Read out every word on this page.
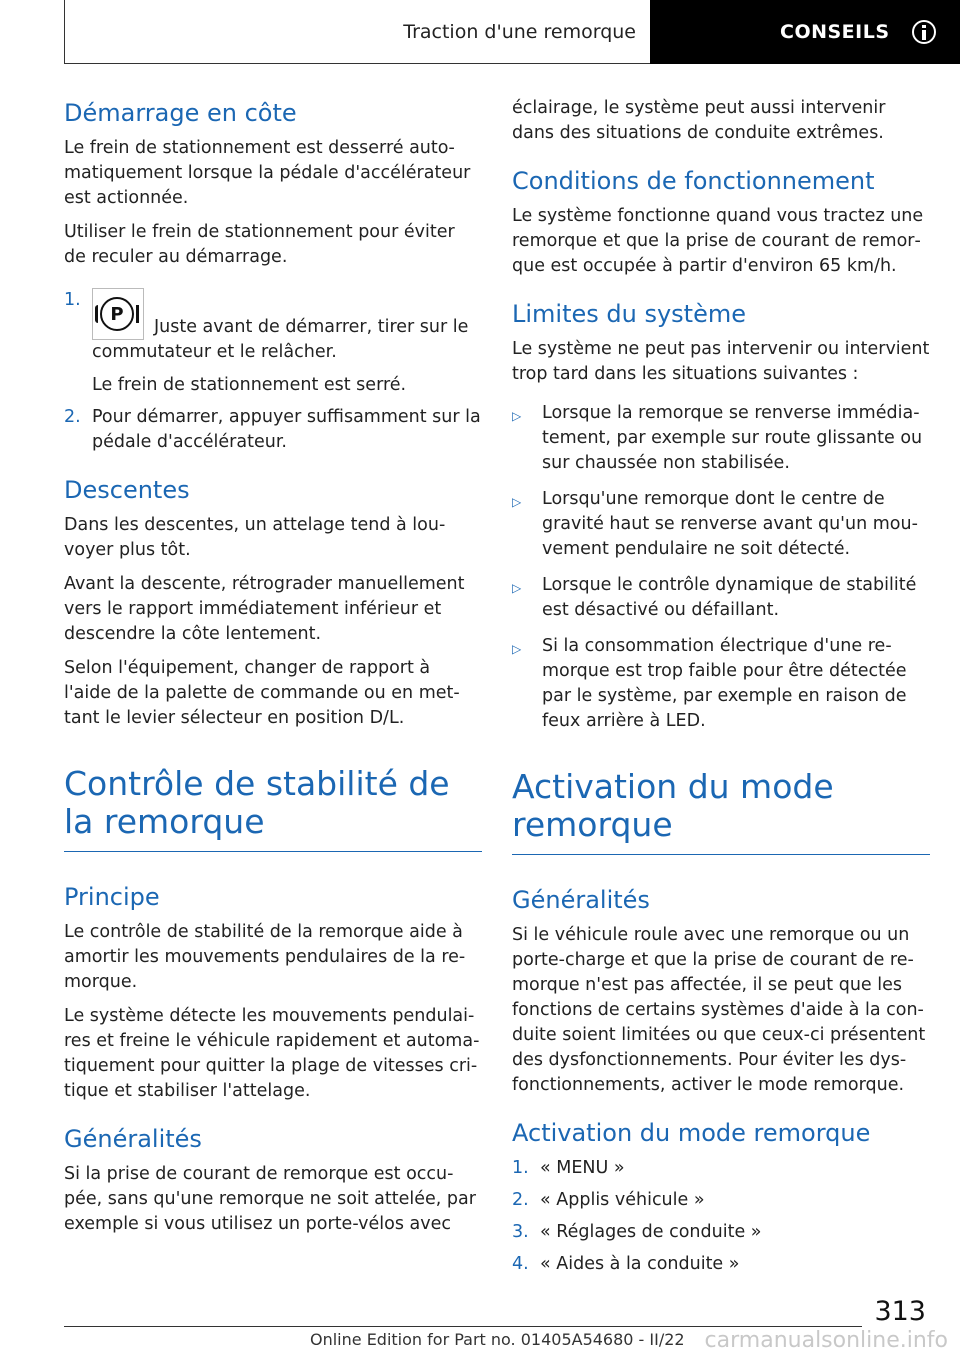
Traction d'une remorque	CONSEILS
Démarrage en côte

Le frein de stationnement est desserré automatiquement lorsque la pédale d'accélérateur est actionnée.

Utiliser le frein de stationnement pour éviter de reculer au démarrage.

1.
P
Juste avant de démarrer, tirer sur le commutateur et le relâcher.

Le frein de stationnement est serré.

2. Pour démarrer, appuyer suffisamment sur la pédale d'accélérateur.
Descentes

Dans les descentes, un attelage tend à louvoyer plus tôt.

Avant la descente, rétrograder manuellement vers le rapport immédiatement inférieur et descendre la côte lentement.

Selon l'équipement, changer de rapport à l'aide de la palette de commande ou en mettant le levier sélecteur en position D/L.

Contrôle de stabilité de la remorque
Principe

Le contrôle de stabilité de la remorque aide à amortir les mouvements pendulaires de la remorque.

Le système détecte les mouvements pendulaires et freine le véhicule rapidement et automatiquement pour quitter la plage de vitesses critique et stabiliser l'attelage.

Généralités

Si la prise de courant de remorque est occupée, sans qu'une remorque ne soit attelée, par exemple si vous utilisez un porte-vélos avec

éclairage, le système peut aussi intervenir dans des situations de conduite extrêmes.

Conditions de fonctionnement

Le système fonctionne quand vous tractez une remorque et que la prise de courant de remorque est occupée à partir d'environ 65 km/h.

Limites du système

Le système ne peut pas intervenir ou intervient trop tard dans les situations suivantes :

▷	Lorsque la remorque se renverse immédiatement, par exemple sur route glissante ou sur chaussée non stabilisée.
▷	Lorsqu'une remorque dont le centre de gravité haut se renverse avant qu'un mouvement pendulaire ne soit détecté.
▷	Lorsque le contrôle dynamique de stabilité est désactivé ou défaillant.
▷	Si la consommation électrique d'une remorque est trop faible pour être détectée par le système, par exemple en raison de feux arrière à LED.
Activation du mode remorque
Généralités

Si le véhicule roule avec une remorque ou un porte-charge et que la prise de courant de remorque n'est pas affectée, il se peut que les fonctions de certains systèmes d'aide à la conduite soient limitées ou que ceux-ci présentent des dysfonctionnements. Pour éviter les dysfonctionnements, activer le mode remorque.

Activation du mode remorque
1. « MENU »
2. « Applis véhicule »
3. « Réglages de conduite »
4. « Aides à la conduite »
313
Online Edition for Part no. 01405A54680 - II/22 carmanualsonline.info
